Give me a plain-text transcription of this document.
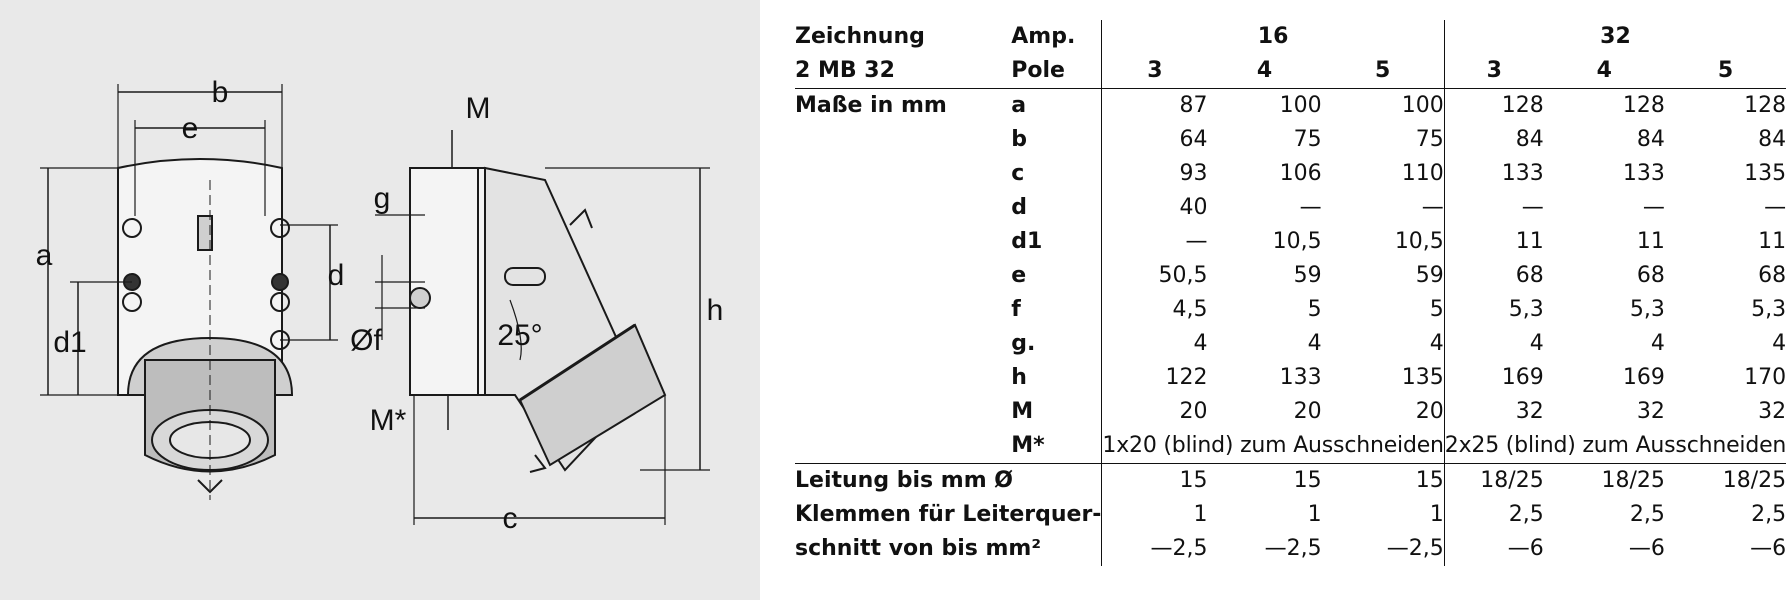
b
e
a
d1
d
M
g
Øf	25°
h
M*
c
Zeichnung	Amp.	16			32		
2 MB 32	Pole	3	4	5	3	4	5
Maße in mm	a	87	100	100	128	128	128
	b	64	75	75	84	84	84
	c	93	106	110	133	133	135
	d	40	—	—	—	—	—
	d1	—	10,5	10,5	11	11	11
	e	50,5	59	59	68	68	68
	f	4,5	5	5	5,3	5,3	5,3
	g.	4	4	4	4	4	4
	h	122	133	135	169	169	170
	M	20	20	20	32	32	32
	M*	1x20 (blind) zum Ausschneiden			2x25 (blind) zum Ausschneiden		
Leitung bis mm Ø		15	15	15	18/25	18/25	18/25
Klemmen für Leiterquer-		1	1	1	2,5	2,5	2,5
schnitt von bis mm²		—2,5	—2,5	—2,5	—6	—6	—6
